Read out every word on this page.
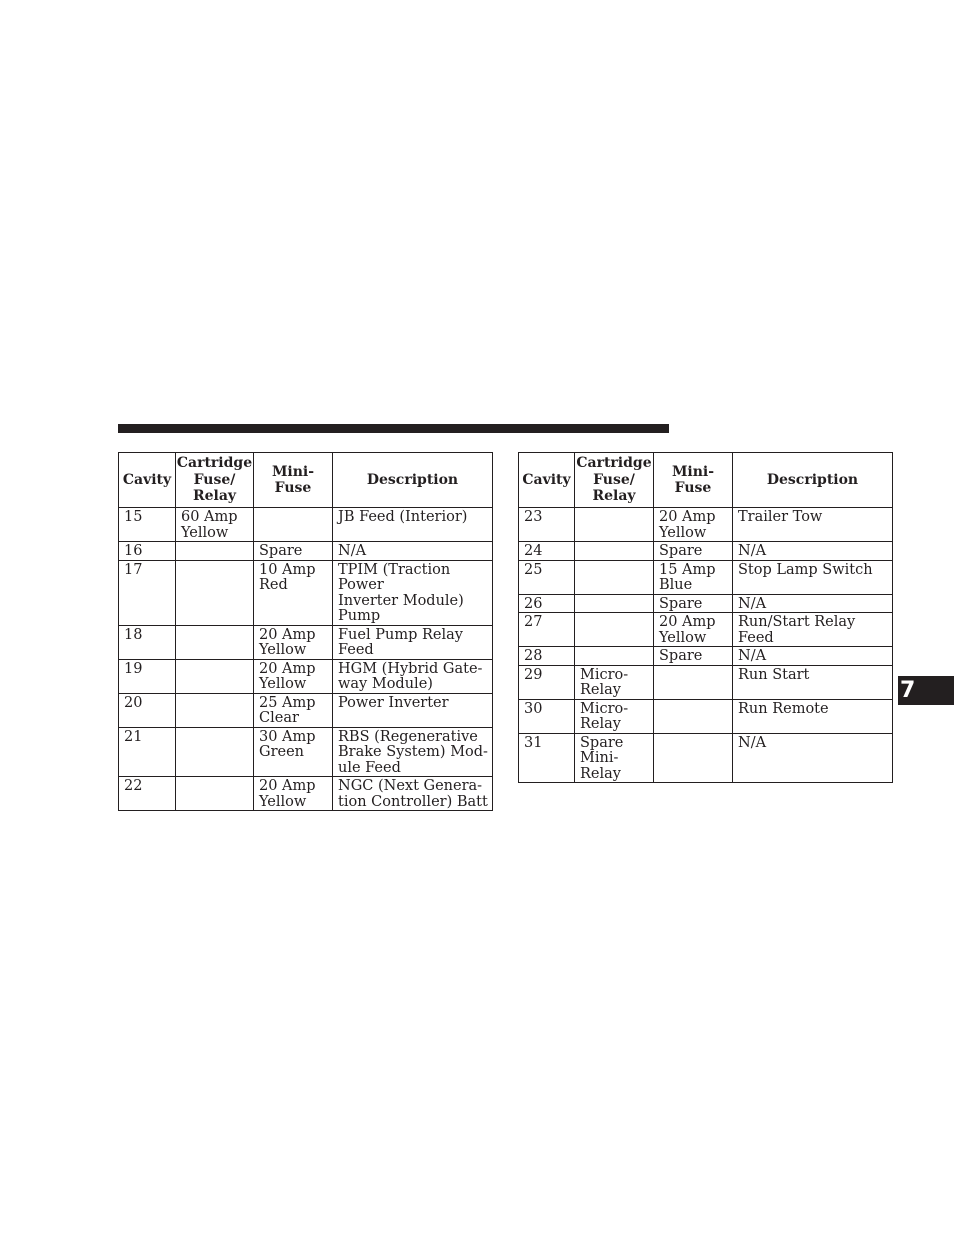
Cavity	Cartridge
Fuse/
Relay	Mini-
Fuse	Description

15	60 Amp
Yellow		JB Feed (Interior)

16		Spare	N/A

17		10 Amp
Red	TPIM (Traction Power
Inverter Module)
Pump

18		20 Amp
Yellow	Fuel Pump Relay
Feed

19		20 Amp
Yellow	HGM (Hybrid Gate-
way Module)

20		25 Amp
Clear	Power Inverter

21		30 Amp
Green	RBS (Regenerative
Brake System) Mod-
ule Feed

22		20 Amp
Yellow	NGC (Next Genera-
tion Controller) Batt
Cavity	Cartridge
Fuse/
Relay	Mini-
Fuse	Description

23		20 Amp
Yellow	Trailer Tow

24		Spare	N/A

25		15 Amp
Blue	Stop Lamp Switch

26		Spare	N/A

27		20 Amp
Yellow	Run/Start Relay Feed

28		Spare	N/A

29	Micro-
Relay		Run Start

30	Micro-
Relay		Run Remote

31	Spare
Mini-
Relay		N/A
7
